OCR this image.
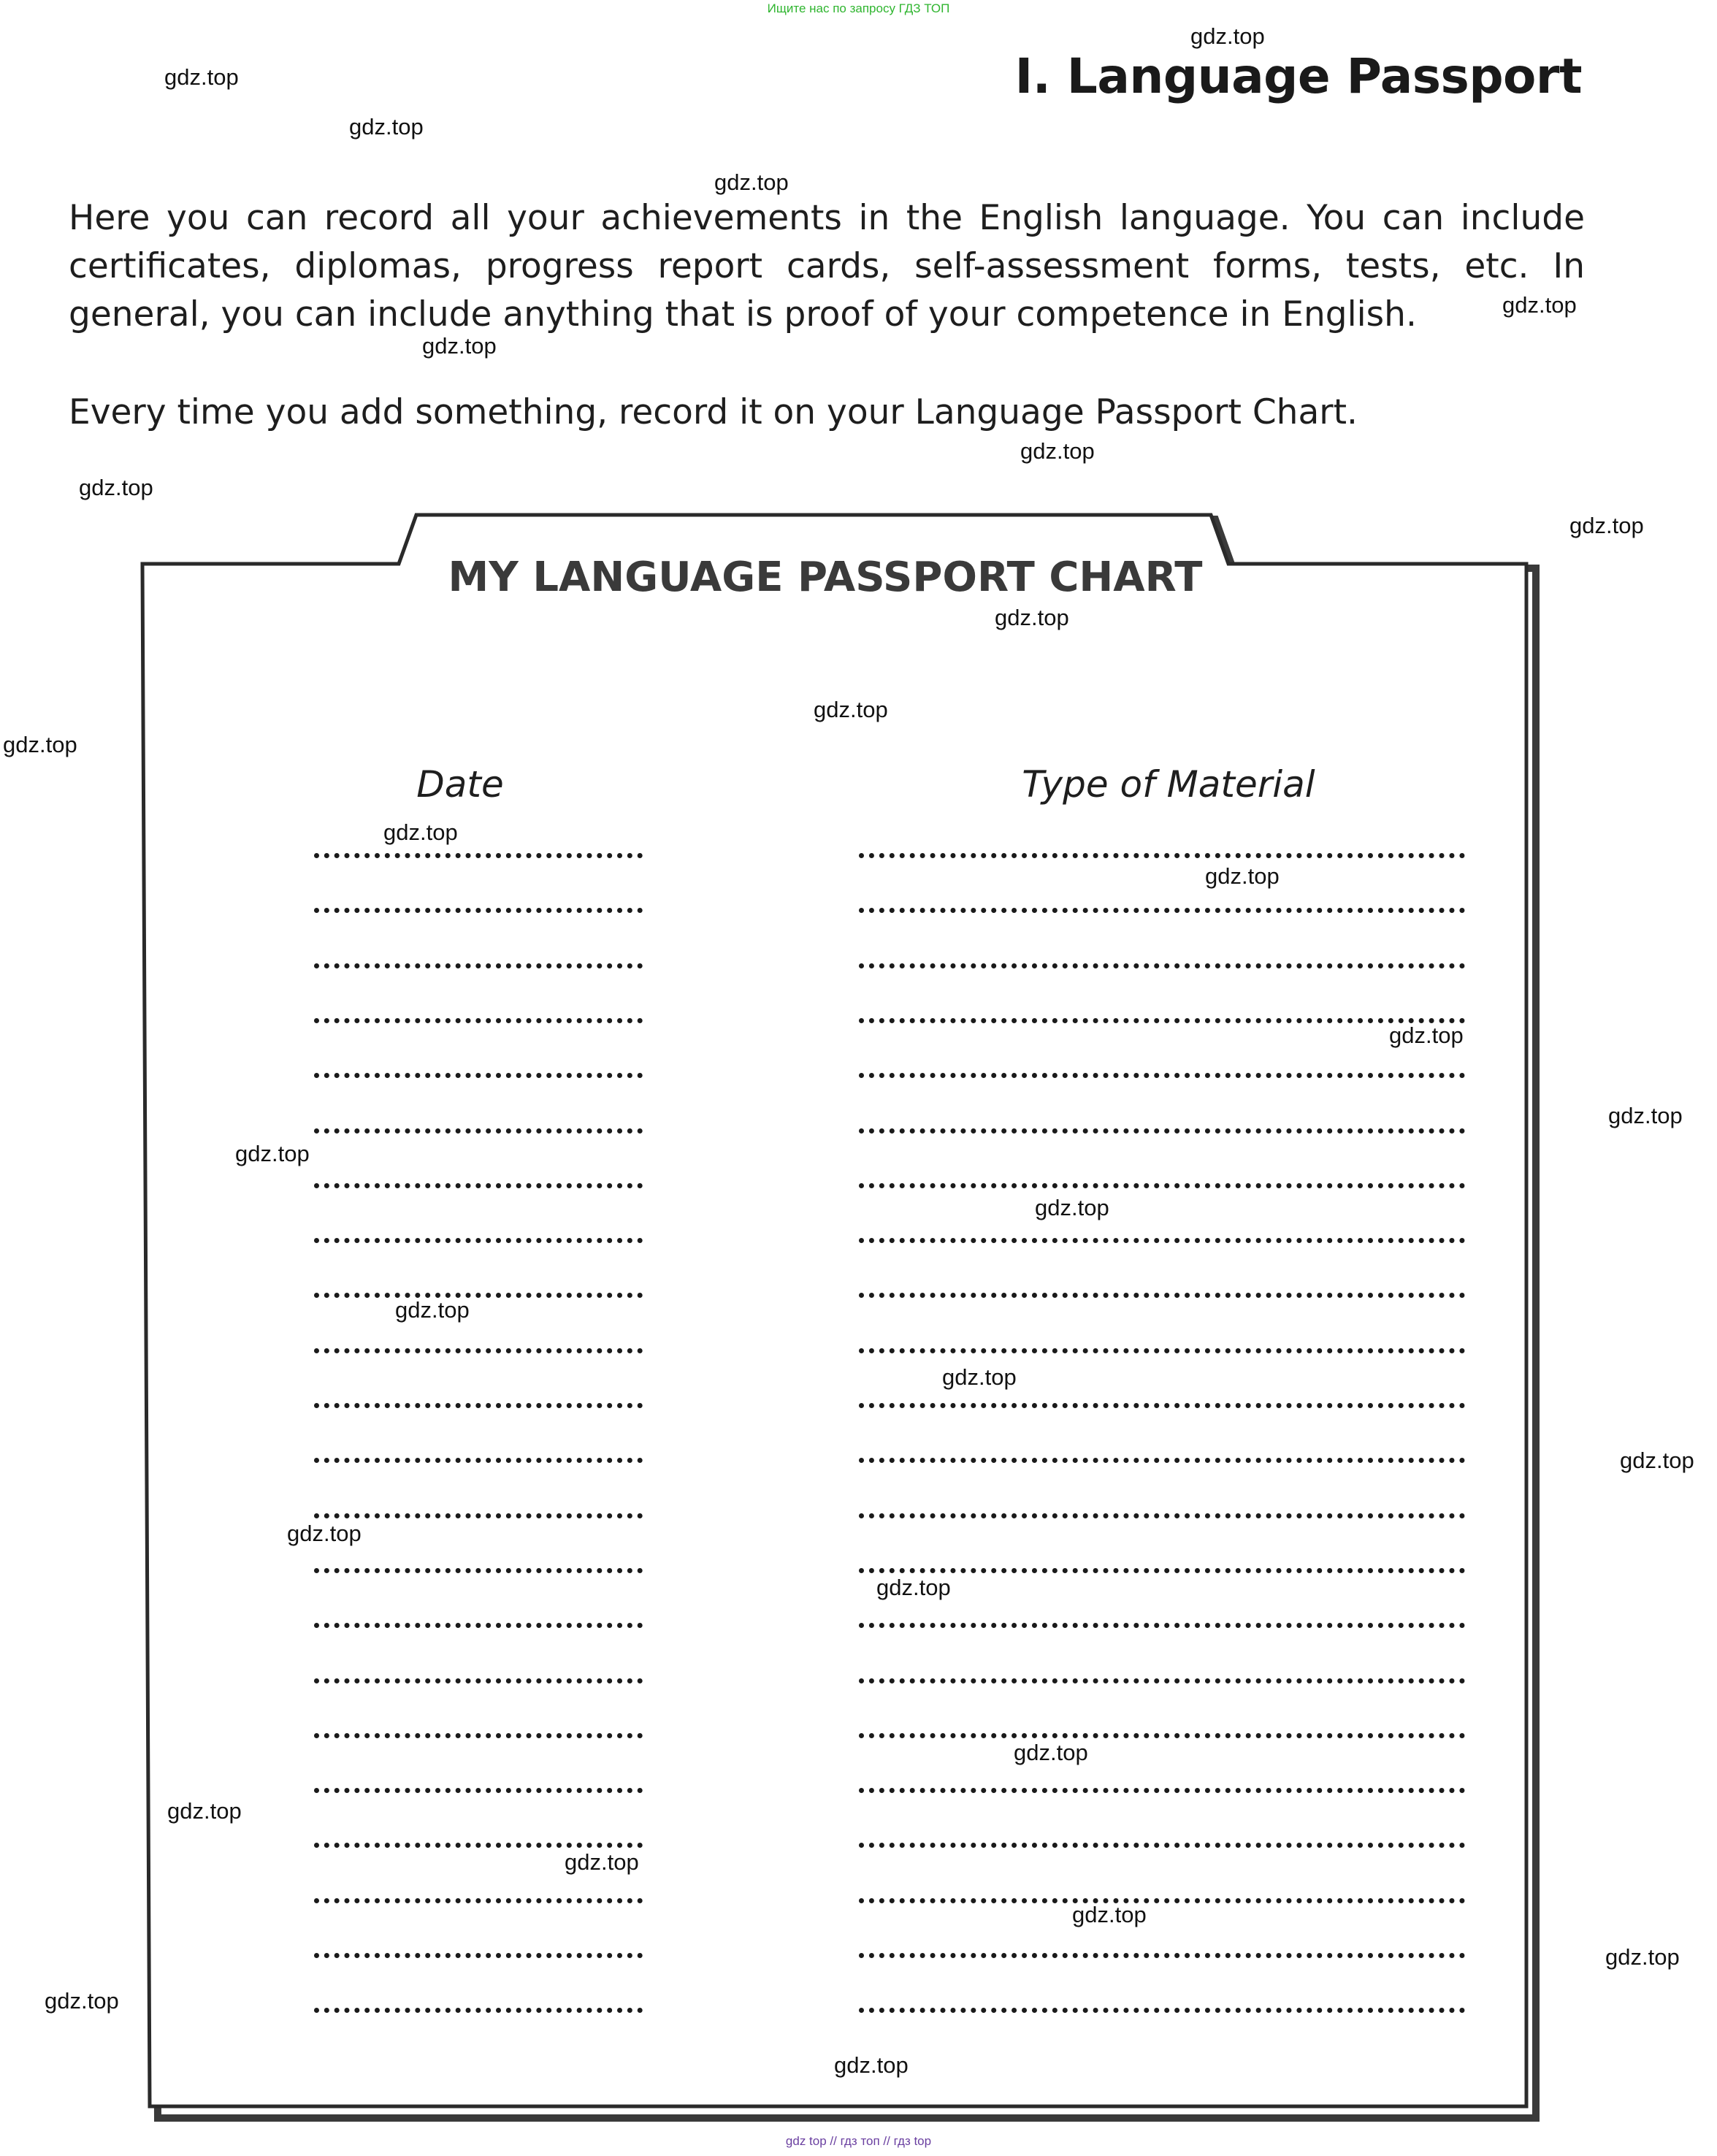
Ищите нас по запросу ГДЗ ТОП
I. Language Passport

Here you can record all your achievements in the English language. You can include certificates, diplomas, progress report cards, self-assessment forms, tests, etc. In general, you can include anything that is proof of your competence in English.

Every time you add something, record it on your Language Passport Chart.

MY LANGUAGE PASSPORT CHART
Date	Type of Material
gdz.top
gdz.top
gdz.top
gdz.top
gdz.top
gdz.top
gdz.top
gdz.top
gdz.top
gdz.top
gdz.top
gdz.top
gdz.top
gdz.top
gdz.top
gdz.top
gdz.top
gdz.top
gdz.top
gdz.top
gdz.top
gdz.top
gdz.top
gdz.top
gdz.top
gdz.top
gdz.top
gdz.top
gdz.top
gdz.top
gdz top // гдз топ // гдз top
